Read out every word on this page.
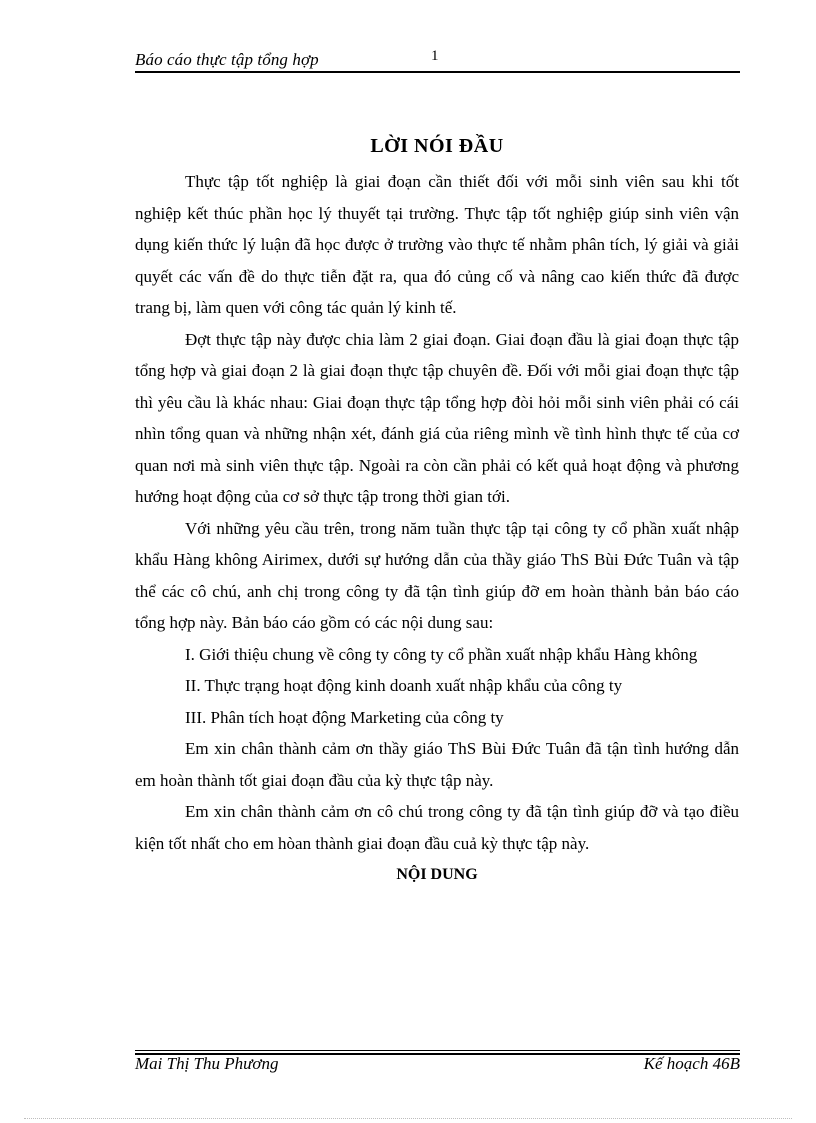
Báo cáo thực tập tổng hợp	1
LỜI NÓI ĐẦU

Thực tập tốt nghiệp là giai đoạn cần thiết đối với mỗi sinh viên sau khi tốt nghiệp kết thúc phần học lý thuyết tại trường. Thực tập tốt nghiệp giúp sinh viên vận dụng kiến thức lý luận đã học được ở trường vào thực tế nhằm phân tích, lý giải và giải quyết các vấn đề do thực tiễn đặt ra, qua đó củng cố và nâng cao kiến thức đã được trang bị, làm quen với công tác quản lý kinh tế.

Đợt thực tập này được chia làm 2 giai đoạn. Giai đoạn đầu là giai đoạn thực tập tổng hợp và giai đoạn 2 là giai đoạn thực tập chuyên đề. Đối với mỗi giai đoạn thực tập thì yêu cầu là khác nhau: Giai đoạn thực tập tổng hợp đòi hỏi mỗi sinh viên phải có cái nhìn tổng quan và những nhận xét, đánh giá của riêng mình về tình hình thực tế của cơ quan nơi mà sinh viên thực tập. Ngoài ra còn cần phải có kết quả hoạt động và phương hướng hoạt động của cơ sở thực tập trong thời gian tới.

Với những yêu cầu trên, trong năm tuần thực tập tại công ty cổ phần xuất nhập khẩu Hàng không Airimex, dưới sự hướng dẫn của thầy giáo ThS Bùi Đức Tuân và tập thể các cô chú, anh chị trong công ty đã tận tình giúp đỡ em hoàn thành bản báo cáo tổng hợp này. Bản báo cáo gồm có các nội dung sau:

I. Giới thiệu chung về công ty công ty cổ phần xuất nhập khẩu Hàng không

II. Thực trạng hoạt động kinh doanh xuất nhập khẩu của công ty

III. Phân tích hoạt động Marketing của công ty

Em xin chân thành cảm ơn thầy giáo ThS Bùi Đức Tuân đã tận tình hướng dẫn em hoàn thành tốt giai đoạn đầu của kỳ thực tập này.

Em xin chân thành cảm ơn cô chú trong công ty đã tận tình giúp đỡ và tạo điều kiện tốt nhất cho em hòan thành giai đoạn đầu cuả kỳ thực tập này.

NỘI DUNG
Mai Thị Thu Phương	Kế hoạch 46B
